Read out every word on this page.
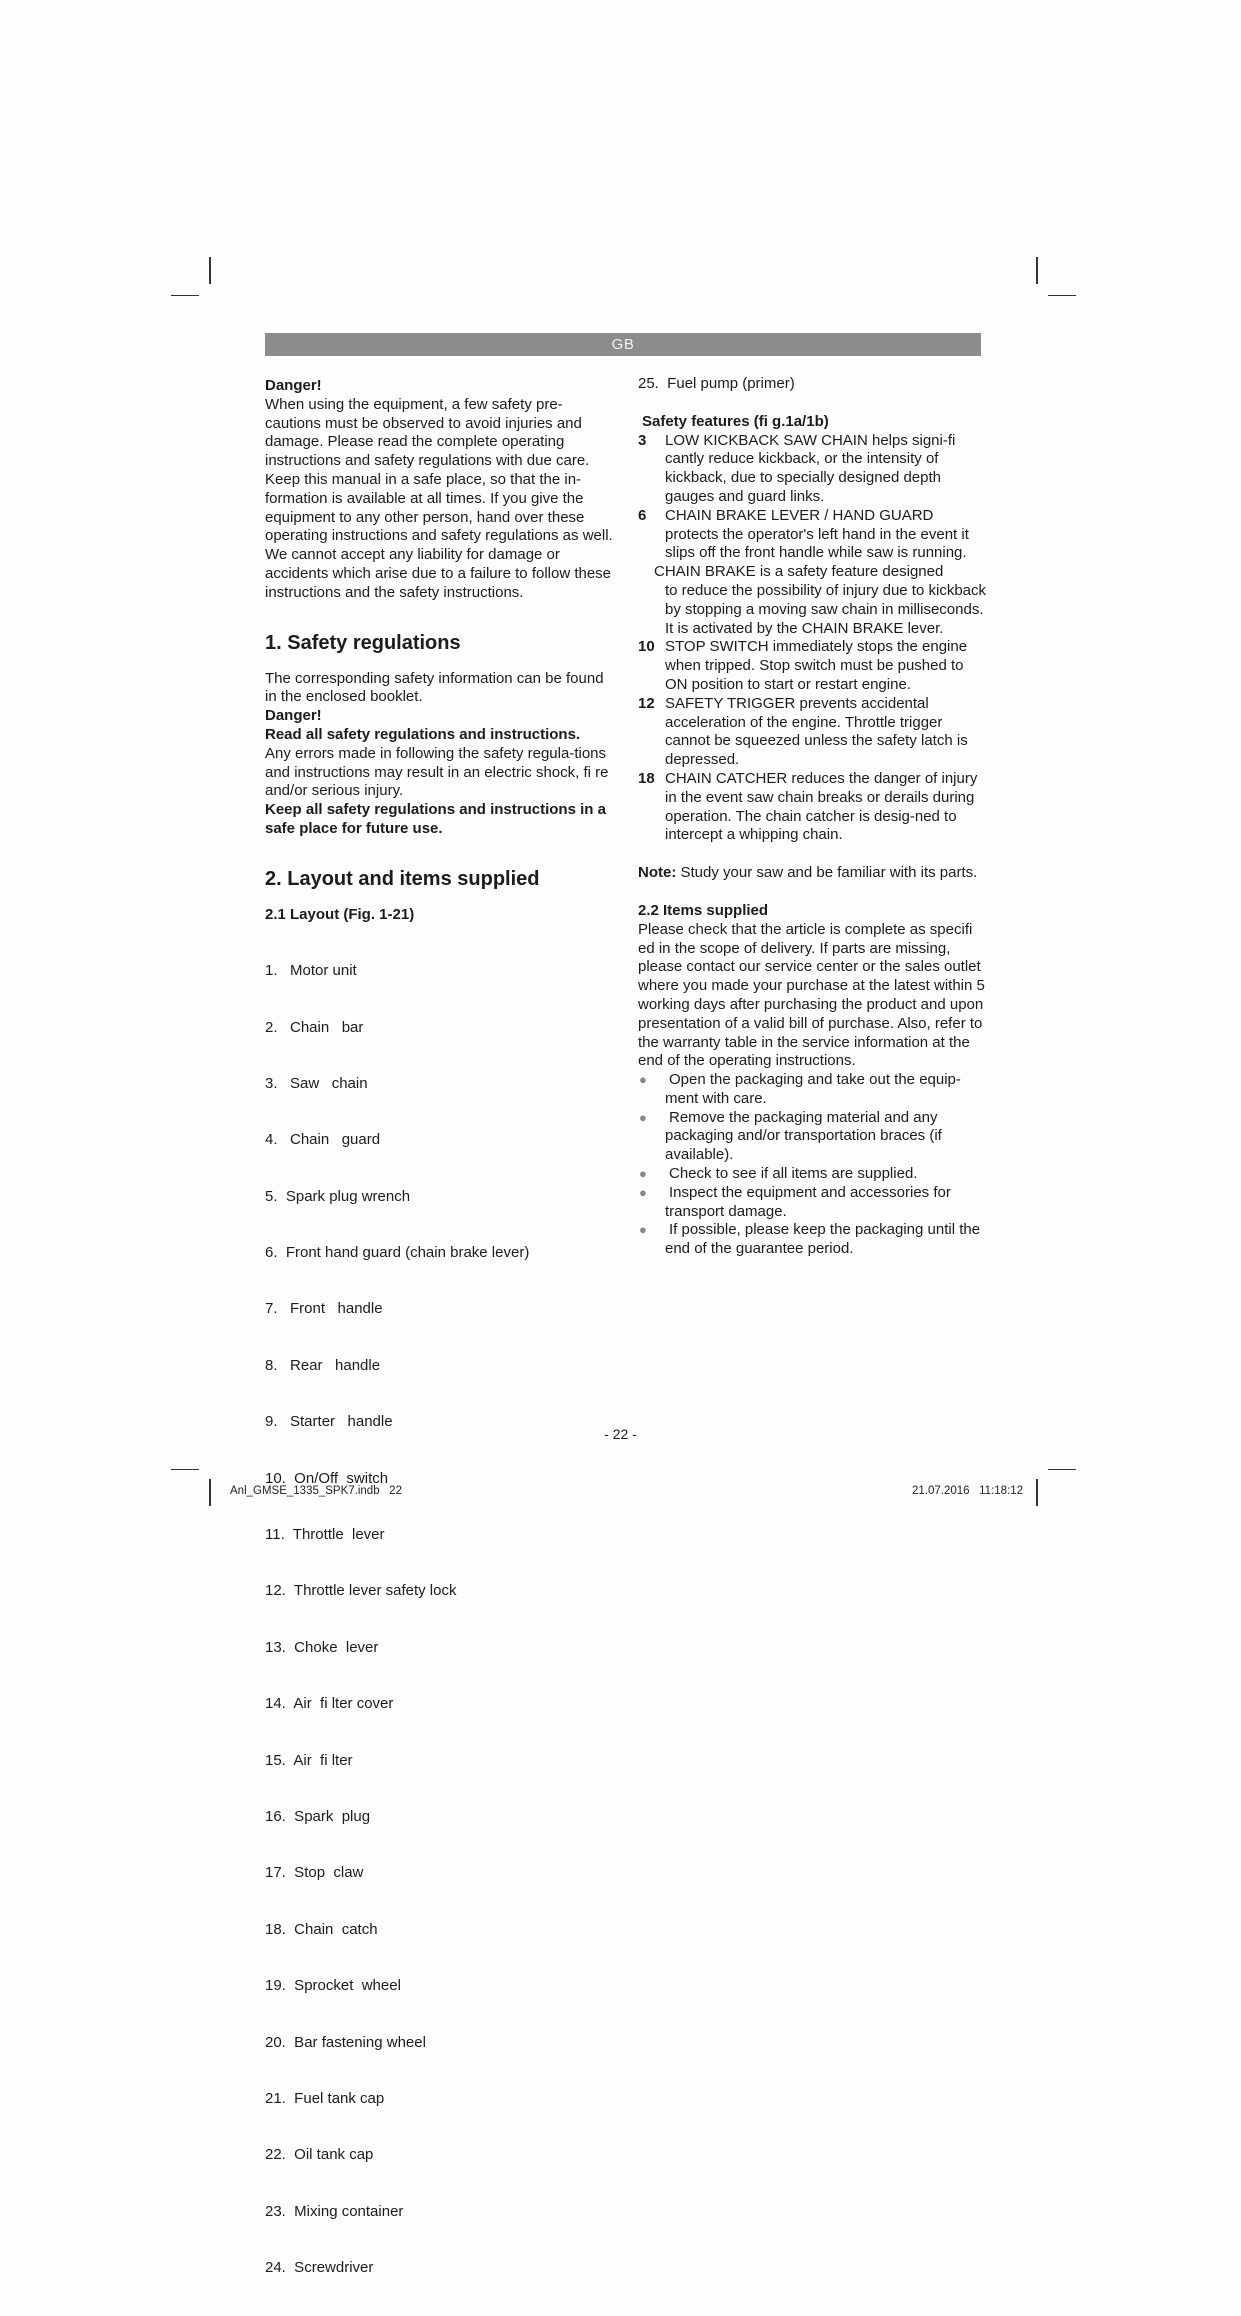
GB

Danger!

When using the equipment, a few safety pre-cautions must be observed to avoid injuries and damage. Please read the complete operating instructions and safety regulations with due care. Keep this manual in a safe place, so that the in-formation is available at all times. If you give the equipment to any other person, hand over these operating instructions and safety regulations as well. We cannot accept any liability for damage or accidents which arise due to a failure to follow these instructions and the safety instructions.

1. Safety regulations

The corresponding safety information can be found in the enclosed booklet.

Danger!

Read all safety regulations and instructions.

Any errors made in following the safety regula-tions and instructions may result in an electric shock, fi re and/or serious injury.

Keep all safety regulations and instructions in a safe place for future use.

2. Layout and items supplied
2.1 Layout (Fig. 1-21)

1.   Motor unit

2.   Chain   bar

3.   Saw   chain

4.   Chain   guard

5.  Spark plug wrench

6.  Front hand guard (chain brake lever)

7.   Front   handle

8.   Rear   handle

9.   Starter   handle

10.  On/Off  switch

11.  Throttle  lever

12.  Throttle lever safety lock

13.  Choke  lever

14.  Air  fi lter cover

15.  Air  fi lter

16.  Spark  plug

17.  Stop  claw

18.  Chain  catch

19.  Sprocket  wheel

20.  Bar fastening wheel

21.  Fuel tank cap

22.  Oil tank cap

23.  Mixing container

24.  Screwdriver

25.  Fuel pump (primer)

Safety features (fi g.1a/1b)
3 LOW KICKBACK SAW CHAIN helps signi-fi cantly reduce kickback, or the intensity of kickback, due to specially designed depth gauges and guard links.
6 CHAIN BRAKE LEVER / HAND GUARD protects the operator's left hand in the event it slips off the front handle while saw is running.

CHAIN BRAKE is a safety feature designed

to reduce the possibility of injury due to kickback by stopping a moving saw chain in milliseconds. It is activated by the CHAIN BRAKE lever.

10 STOP SWITCH immediately stops the engine when tripped. Stop switch must be pushed to ON position to start or restart engine.
12 SAFETY TRIGGER prevents accidental acceleration of the engine. Throttle trigger cannot be squeezed unless the safety latch is depressed.
18 CHAIN CATCHER reduces the danger of injury in the event saw chain breaks or derails during operation. The chain catcher is desig-ned to intercept a whipping chain.

Note: Study your saw and be familiar with its parts.

2.2 Items supplied

Please check that the article is complete as specifi ed in the scope of delivery. If parts are missing, please contact our service center or the sales outlet where you made your purchase at the latest within 5 working days after purchasing the product and upon presentation of a valid bill of purchase. Also, refer to the warranty table in the service information at the end of the operating instructions.

● Open the packaging and take out the equip-ment with care.
● Remove the packaging material and any packaging and/or transportation braces (if available).
● Check to see if all items are supplied.
● Inspect the equipment and accessories for transport damage.
● If possible, please keep the packaging until the end of the guarantee period.
- 22 -
Anl_GMSE_1335_SPK7.indb   22	21.07.2016   11:18:12
